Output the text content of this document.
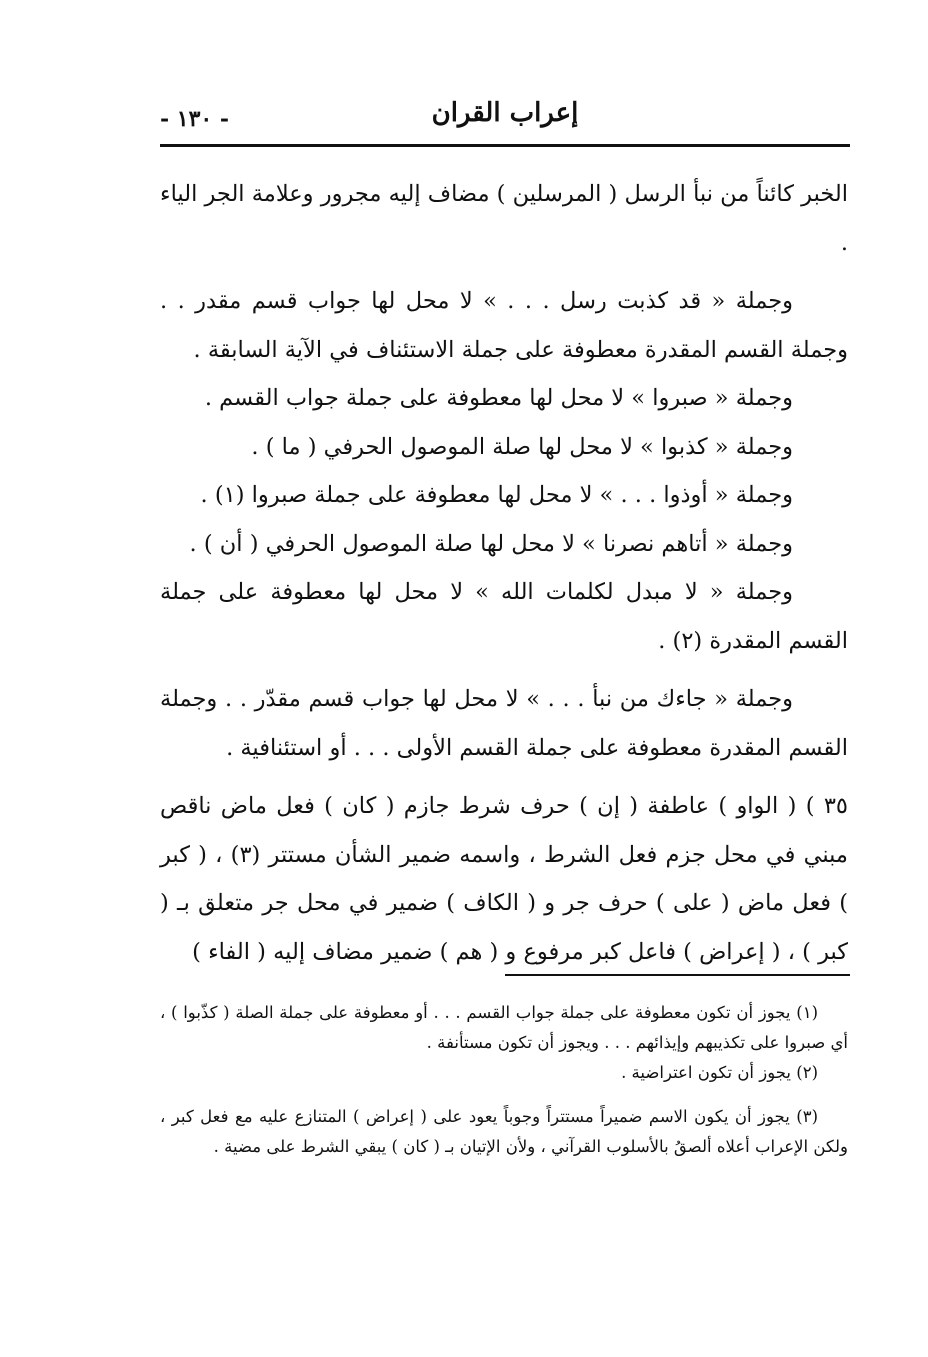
إعراب القران
- ١٣٠ -

الخبر كائناً من نبأ الرسل ( المرسلين ) مضاف إليه مجرور وعلامة الجر الياء .

وجملة « قد كذبت رسل . . . » لا محل لها جواب قسم مقدر . . وجملة القسم المقدرة معطوفة على جملة الاستئناف في الآية السابقة .

وجملة « صبروا » لا محل لها معطوفة على جملة جواب القسم .

وجملة « كذبوا » لا محل لها صلة الموصول الحرفي ( ما ) .

وجملة « أوذوا . . . » لا محل لها معطوفة على جملة صبروا (١) .

وجملة « أتاهم نصرنا » لا محل لها صلة الموصول الحرفي ( أن ) .

وجملة « لا مبدل لكلمات الله » لا محل لها معطوفة على جملة القسم المقدرة (٢) .

وجملة « جاءك من نبأ . . . » لا محل لها جواب قسم مقدّر . . وجملة القسم المقدرة معطوفة على جملة القسم الأولى . . . أو استئنافية .

٣٥ ) ( الواو ) عاطفة ( إن ) حرف شرط جازم ( كان ) فعل ماض ناقص مبني في محل جزم فعل الشرط ، واسمه ضمير الشأن مستتر (٣) ، ( كبر ) فعل ماض ( على ) حرف جر و ( الكاف ) ضمير في محل جر متعلق بـ ( كبر ) ، ( إعراض ) فاعل كبر مرفوع و ( هم ) ضمير مضاف إليه ( الفاء )

(١) يجوز أن تكون معطوفة على جملة جواب القسم . . . أو معطوفة على جملة الصلة ( كذّبوا ) ، أي صبروا على تكذيبهم وإيذائهم . . . ويجوز أن تكون مستأنفة .

(٢) يجوز أن تكون اعتراضية .

(٣) يجوز أن يكون الاسم ضميراً مستتراً وجوباً يعود على ( إعراض ) المتنازع عليه مع فعل كبر ، ولكن الإعراب أعلاه ألصقُ بالأسلوب القرآني ، ولأن الإتيان بـ ( كان ) يبقي الشرط على مضية .
